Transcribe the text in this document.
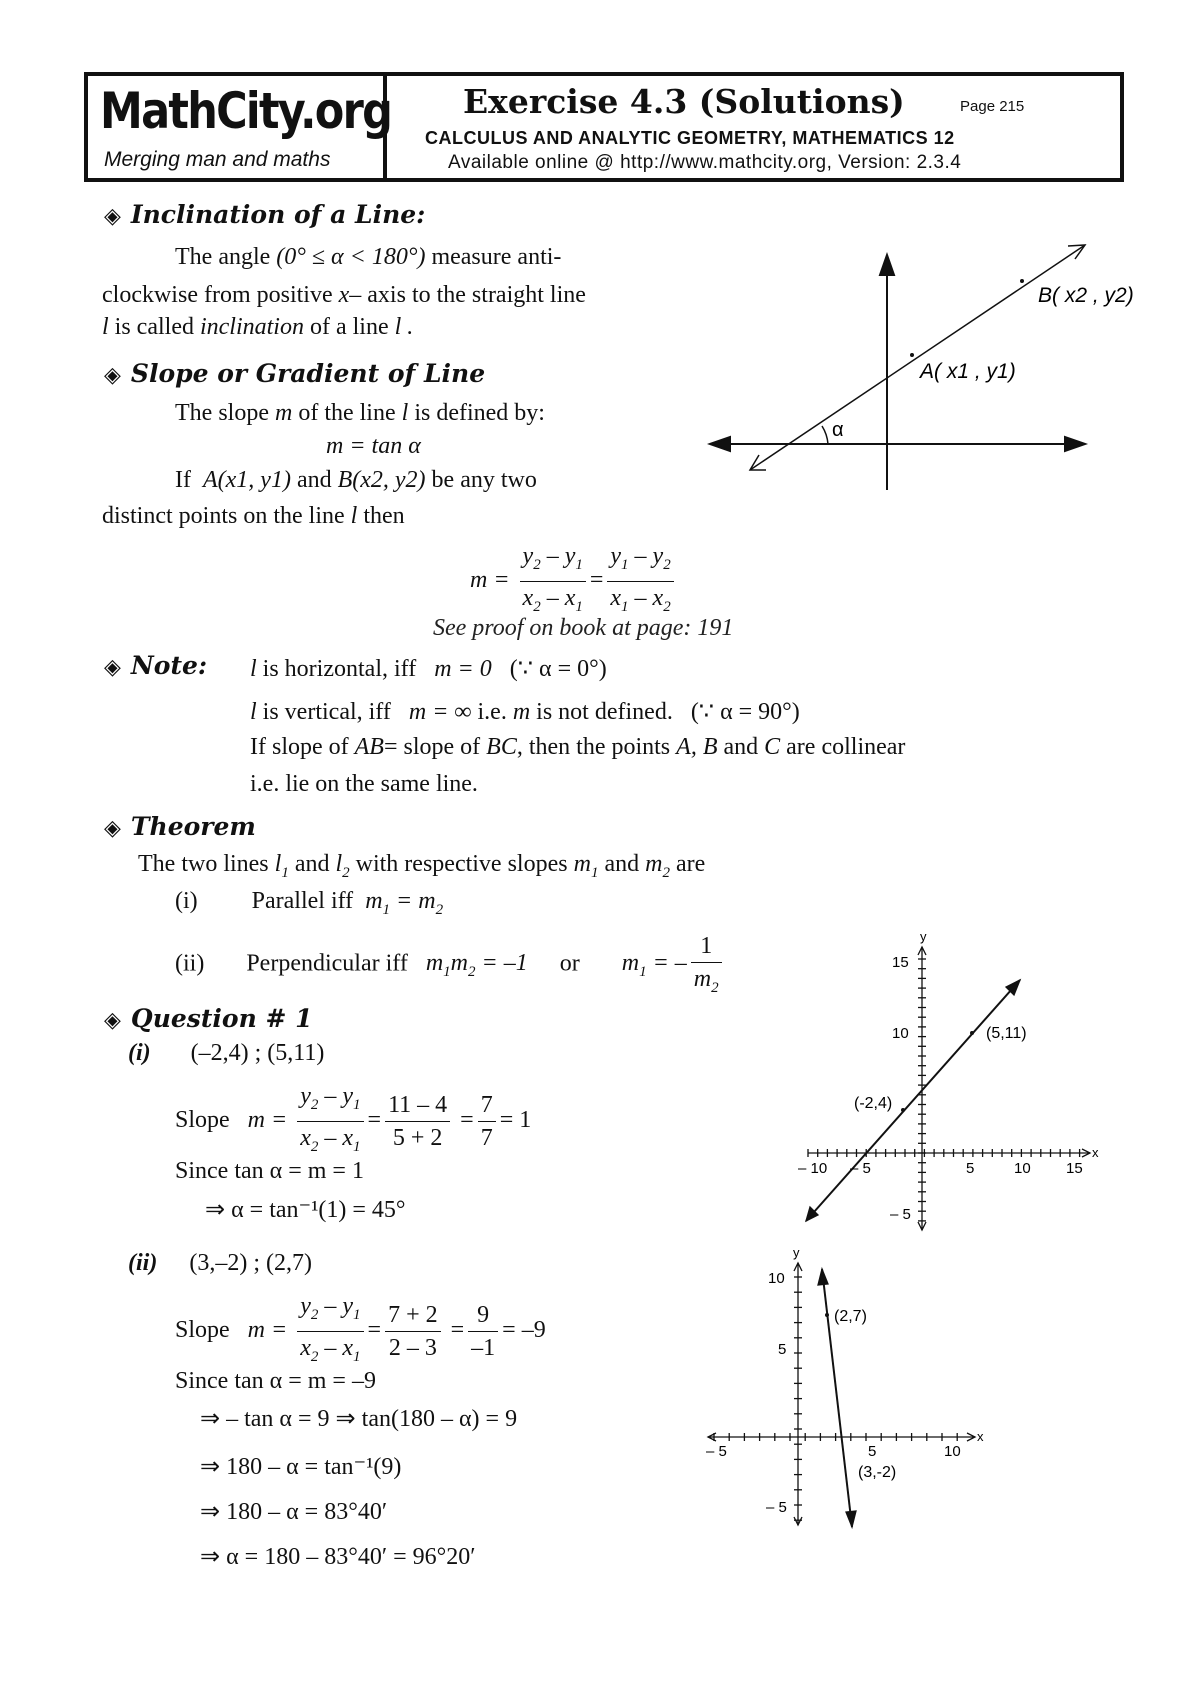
MathCity.org
Merging man and maths
Exercise 4.3 (Solutions)	Page 215
CALCULUS AND ANALYTIC GEOMETRY, MATHEMATICS 12
Available online @ http://www.mathcity.org, Version: 2.3.4
◈ Inclination of a Line:
The angle (0° ≤ α < 180°) measure anti-
clockwise from positive x– axis to the straight line
l is called inclination of a line l .
α
A( x1 , y1)
B( x2 , y2)
◈ Slope or Gradient of Line
The slope m of the line l is defined by:
m = tan α
If A(x1, y1) and B(x2, y2) be any two
distinct points on the line l then
$m = \frac{y_2 - y_1}{x_2 - x_1} = \frac{y_1 - y_2}{x_1 - x_2}$
See proof on book at page: 191
◈ Note: l is horizontal, iff m = 0 (∵ α = 0°)
l is vertical, iff m = ∞ i.e. m is not defined. (∵ α = 90°)
If slope of AB= slope of BC, then the points A, B and C are collinear
i.e. lie on the same line.
◈ Theorem
The two lines $l_1$ and $l_2$ with respective slopes $m_1$ and $m_2$ are
(i) Parallel iff $m_1 = m_2$
(ii) Perpendicular iff $m_1m_2 = -1$ or $m_1$ = – $\frac{1}{m_2}$
◈ Question # 1
(i) (–2,4) ; (5,11)
Slope $m = \frac{y_2 - y_1}{x_2 - x_1} = \frac{11 - 4}{5 + 2} = \frac{7}{7} = 1$
Since tan α = m = 1
⇒ α = tan⁻¹(1) = 45°
(ii) (3,–2) ; (2,7)
Slope $m = \frac{y_2 - y_1}{x_2 - x_1} = \frac{7 + 2}{2 - 3} = \frac{9}{-1} = -9$
Since tan α = m = –9
⇒ – tan α = 9 ⇒ tan(180 – α) = 9
⇒ 180 – α = tan⁻¹(9)
⇒ 180 – α = 83°40′
⇒ α = 180 – 83°40′ = 96°20′
y
x
15
10
– 5
– 10 – 5	5	10 15
(5,11)
(-2,4)
y
x
10
5
– 5
– 5	5	10
(2,7)
(3,-2)
